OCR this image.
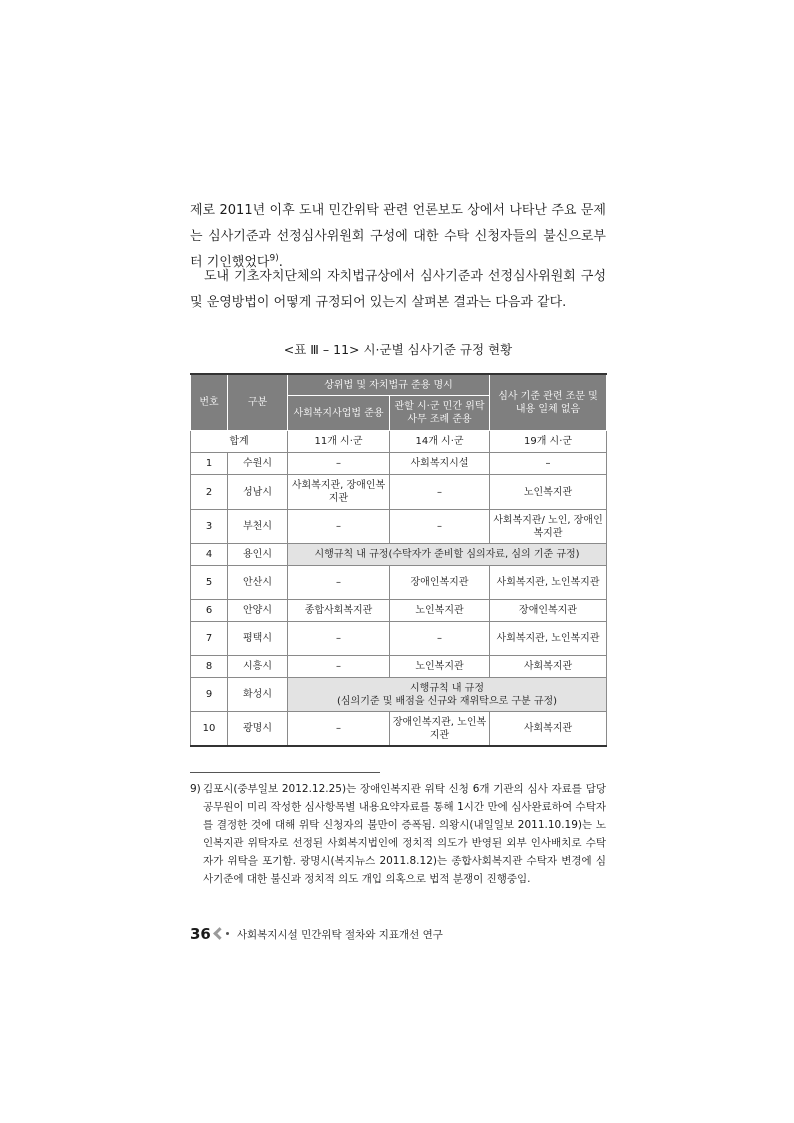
제로 2011년 이후 도내 민간위탁 관련 언론보도 상에서 나타난 주요 문제는 심사기준과 선정심사위원회 구성에 대한 수탁 신청자들의 불신으로부터 기인했었다$^{9)}$.

도내 기초자치단체의 자치법규상에서 심사기준과 선정심사위원회 구성 및 운영방법이 어떻게 규정되어 있는지 살펴본 결과는 다음과 같다.

<표 Ⅲ – 11> 시·군별 심사기준 규정 현황

번호	구분	상위법 및 자치법규 준용 명시		심사 기준 관련 조문 및 내용 일체 없음
		사회복지사업법 준용	관할 시·군 민간 위탁 사무 조례 준용	
합계		11개 시·군	14개 시·군	19개 시·군
1	수원시	–	사회복지시설	–
2	성남시	사회복지관, 장애인복지관	–	노인복지관
3	부천시	–	–	사회복지관/ 노인, 장애인복지관
4	용인시	시행규칙 내 규정(수탁자가 준비할 심의자료, 심의 기준 규정)		
5	안산시	–	장애인복지관	사회복지관, 노인복지관
6	안양시	종합사회복지관	노인복지관	장애인복지관
7	평택시	–	–	사회복지관, 노인복지관
8	시흥시	–	노인복지관	사회복지관
9	화성시	시행규칙 내 규정
(심의기준 및 배점을 신규와 재위탁으로 구분 규정)		
10	광명시	–	장애인복지관, 노인복지관	사회복지관

9) 김포시(중부일보 2012.12.25)는 장애인복지관 위탁 신청 6개 기관의 심사 자료를 담당 공무원이 미리 작성한 심사항목별 내용요약자료를 통해 1시간 만에 심사완료하여 수탁자를 결정한 것에 대해 위탁 신청자의 불만이 증폭됨. 의왕시(내일일보 2011.10.19)는 노인복지관 위탁자로 선정된 사회복지법인에 정치적 의도가 반영된 외부 인사배치로 수탁자가 위탁을 포기함. 광명시(복지뉴스 2011.8.12)는 종합사회복지관 수탁자 변경에 심사기준에 대한 불신과 정치적 의도 개입 의혹으로 법적 분쟁이 진행중임.

36 사회복지시설 민간위탁 절차와 지표개선 연구
